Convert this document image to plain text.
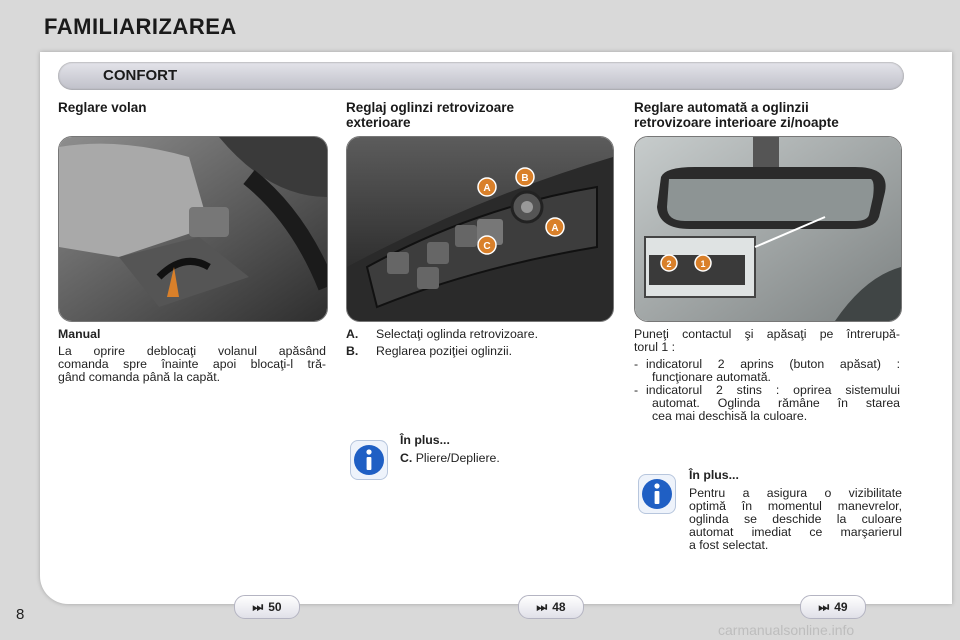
FAMILIARIZAREA
CONFORT
Reglare volan

Manual

La oprire deblocaţi volanul apăsând

comanda spre înainte apoi blocaţi-l tră-

gând comanda până la capăt.

Reglaj oglinzi retrovizoare
exterioare
A
B
C
A
A.	Selectaţi oglinda retrovizoare.
B.	Reglarea poziţiei oglinzii.

În plus...

C. Pliere/Depliere.

Reglare automată a oglinzii
retrovizoare interioare zi/noapte
2	1

Puneţi contactul şi apăsaţi pe întrerupă-

torul 1 :

- indicatorul 2 aprins (buton apăsat) :

funcţionare automată.

- indicatorul 2 stins : oprirea sistemului

automat. Oglinda rămâne în starea

cea mai deschisă la culoare.

În plus...

Pentru a asigura o vizibilitate

optimă în momentul manevrelor,

oglinda se deschide la culoare

automat imediat ce marşarierul

a fost selectat.

⏭ 50	⏭ 48	⏭ 49
8
carmanualsonline.info
